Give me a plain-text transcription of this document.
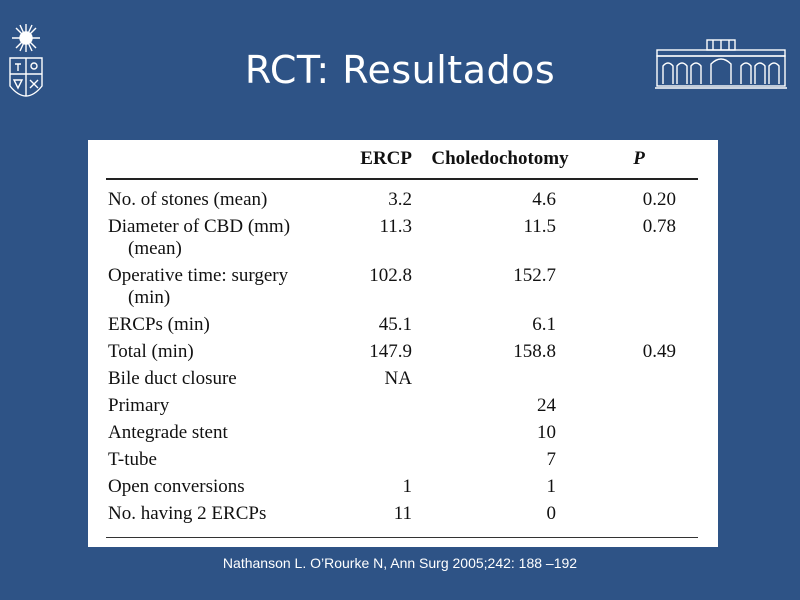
RCT: Resultados
	ERCP	Choledochotomy	P

No. of stones (mean)	3.2	4.6	0.20
Diameter of CBD (mm)
(mean)	11.3	11.5	0.78
Operative time: surgery
(min)	102.8	152.7	
ERCPs (min)	45.1	6.1	
Total (min)	147.9	158.8	0.49
Bile duct closure	NA		
Primary		24	
Antegrade stent		10	
T-tube		7	
Open conversions	1	1	
No. having 2 ERCPs	11	0	
Nathanson L. O’Rourke N, Ann Surg 2005;242: 188 –192
